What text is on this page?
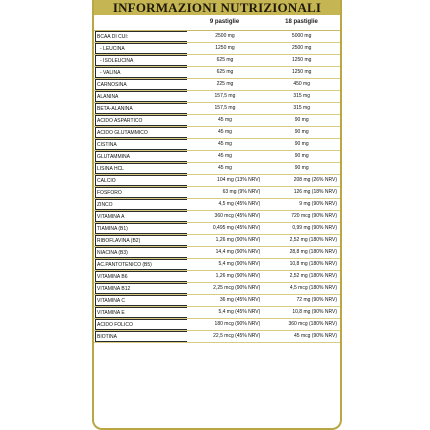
INFORMAZIONI NUTRIZIONALI
9 pastiglie	18 pastiglie
BCAA DI CUI:	2500 mg	5000 mg
- LEUCINA	1250 mg	2500 mg
- ISOLEUCINA	625 mg	1250 mg
- VALINA	625 mg	1250 mg
CARNOSINA	225 mg	450 mg
ALANINA	157,5 mg	315 mg
BETA-ALANINA	157,5 mg	315 mg
ACIDO ASPARTICO	45 mg	90 mg
ACIDO GLUTAMMICO	45 mg	90 mg
CISTINA	45 mg	90 mg
GLUTAMMINA	45 mg	90 mg
LISINA HCL	45 mg	90 mg
CALCIO	104 mg (13% NRV)	208 mg (26% NRV)
FOSFORO	63 mg (9% NRV)	126 mg (18% NRV)
ZINCO	4,5 mg (45% NRV)	9 mg (90% NRV)
VITAMINA A	360 mcg (45% NRV)	720 mcg (90% NRV)
TIAMINA (B1)	0,495 mg (45% NRV)	0,99 mg (90% NRV)
RIBOFLAVINA (B2)	1,26 mg (90% NRV)	2,52 mg (180% NRV)
NIACINA (B3)	14,4 mg (90% NRV)	28,8 mg (180% NRV)
AC.PANTOTENICO (B5)	5,4 mg (90% NRV)	10,8 mg (180% NRV)
VITAMINA B6	1,26 mg (90% NRV)	2,52 mg (180% NRV)
VITAMINA B12	2,25 mcg (90% NRV)	4,5 mcg (180% NRV)
VITAMINA C	36 mg (45% NRV)	72 mg (90% NRV)
VITAMINA E	5,4 mg (45% NRV)	10,8 mg (90% NRV)
ACIDO FOLICO	180 mcg (90% NRV)	360 mcg (180% NRV)
BIOTINA	22,5 mcg (45% NRV)	45 mcg (90% NRV)
